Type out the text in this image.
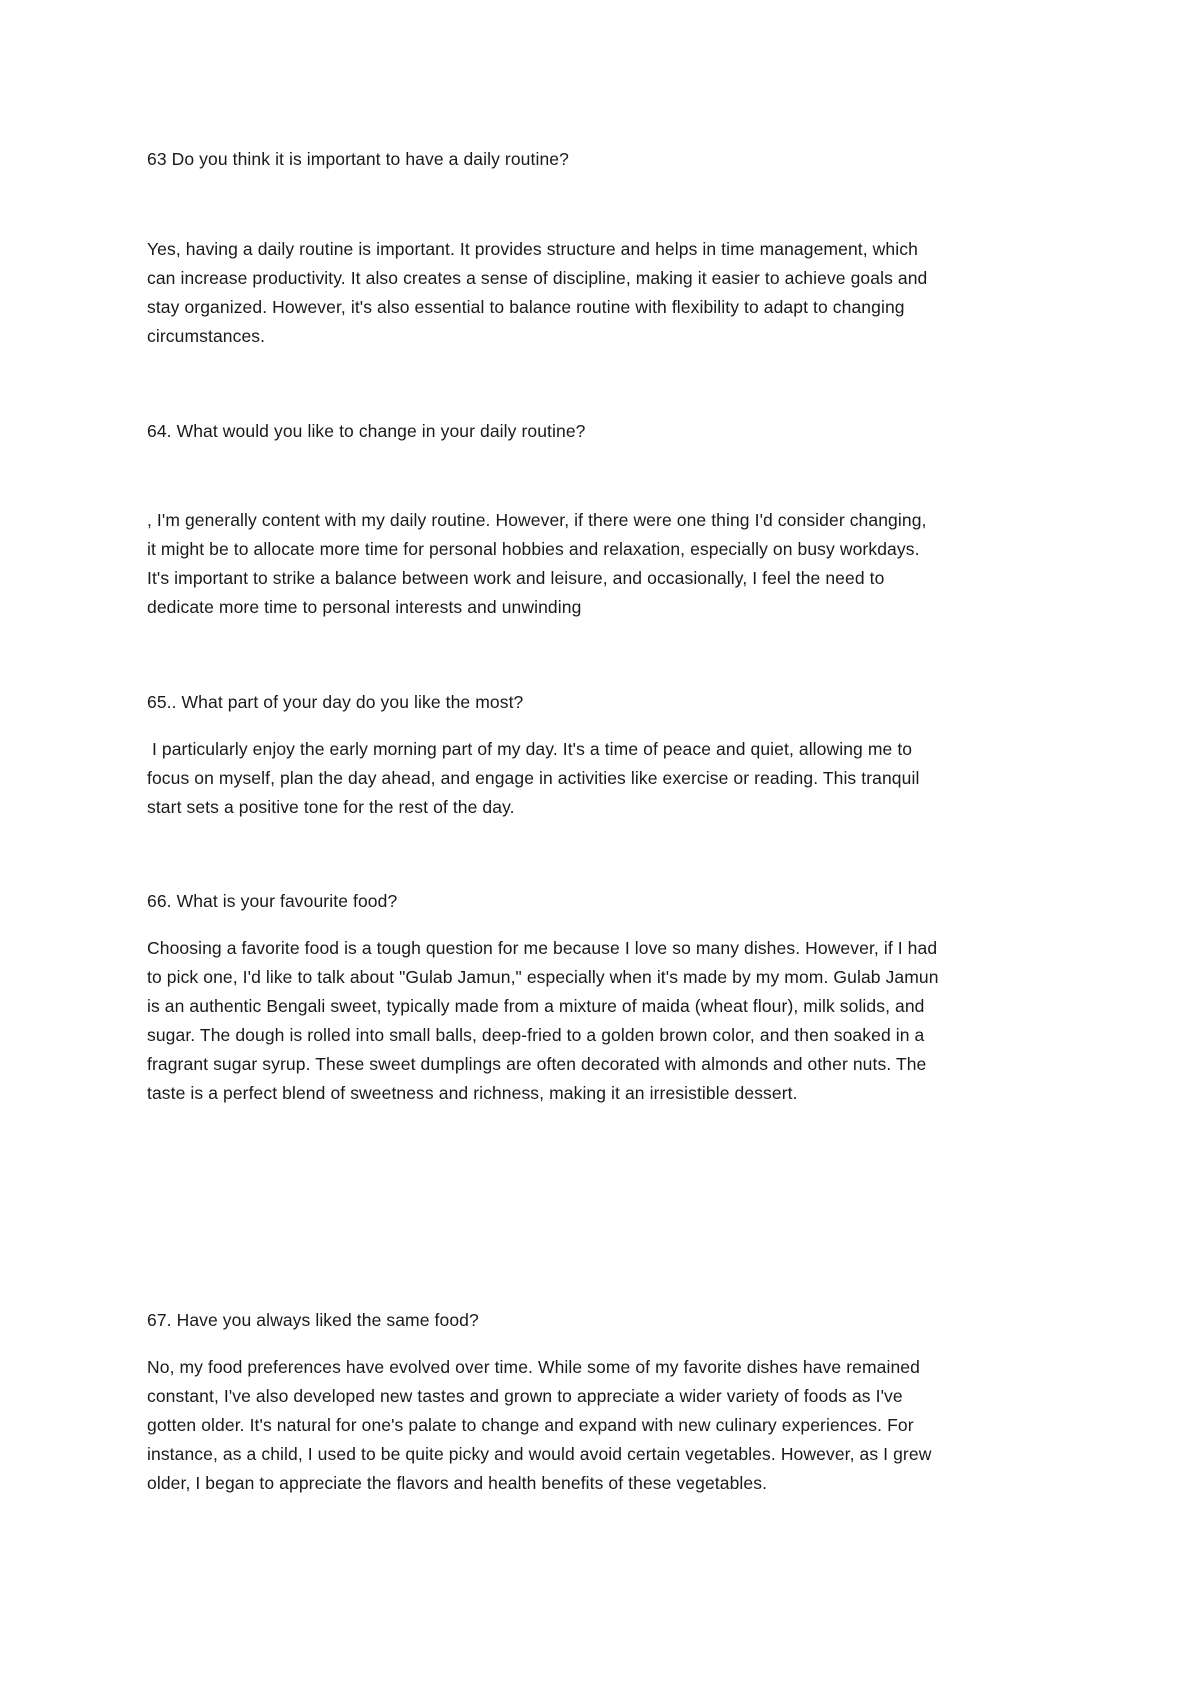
63 Do you think it is important to have a daily routine?

Yes, having a daily routine is important. It provides structure and helps in time management, which
can increase productivity. It also creates a sense of discipline, making it easier to achieve goals and
stay organized. However, it's also essential to balance routine with flexibility to adapt to changing
circumstances.

64. What would you like to change in your daily routine?

, I'm generally content with my daily routine. However, if there were one thing I'd consider changing,
it might be to allocate more time for personal hobbies and relaxation, especially on busy workdays.
It's important to strike a balance between work and leisure, and occasionally, I feel the need to
dedicate more time to personal interests and unwinding

65.. What part of your day do you like the most?

I particularly enjoy the early morning part of my day. It's a time of peace and quiet, allowing me to
focus on myself, plan the day ahead, and engage in activities like exercise or reading. This tranquil
start sets a positive tone for the rest of the day.

66. What is your favourite food?

Choosing a favorite food is a tough question for me because I love so many dishes. However, if I had
to pick one, I'd like to talk about "Gulab Jamun," especially when it's made by my mom. Gulab Jamun
is an authentic Bengali sweet, typically made from a mixture of maida (wheat flour), milk solids, and
sugar. The dough is rolled into small balls, deep-fried to a golden brown color, and then soaked in a
fragrant sugar syrup. These sweet dumplings are often decorated with almonds and other nuts. The
taste is a perfect blend of sweetness and richness, making it an irresistible dessert.

67. Have you always liked the same food?

No, my food preferences have evolved over time. While some of my favorite dishes have remained
constant, I've also developed new tastes and grown to appreciate a wider variety of foods as I've
gotten older. It's natural for one's palate to change and expand with new culinary experiences. For
instance, as a child, I used to be quite picky and would avoid certain vegetables. However, as I grew
older, I began to appreciate the flavors and health benefits of these vegetables.
